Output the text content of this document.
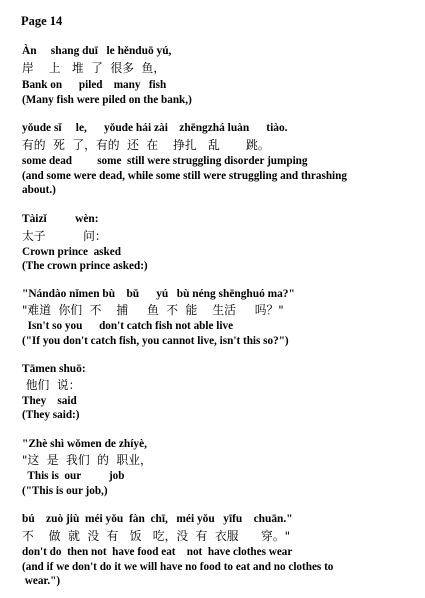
Page 14
Àn     shang duī   le hěnduō yú,
岸    上   堆  了  很多  鱼，
Bank on      piled    many   fish
(Many fish were piled on the bank,)
yǒude sǐ     le,      yǒude hái zài    zhēngzhá luàn      tiào.
有的  死  了，有的  还  在    挣扎   乱       跳。
some dead         some  still were struggling disorder jumping
(and some were dead, while some still were struggling and thrashing
about.)
Tàizǐ          wèn:
太子          问：
Crown prince  asked
(The crown prince asked:)
"Nándào nǐmen bù    bǔ      yú   bù néng shēnghuó ma?"
"难道  你们  不    捕     鱼  不  能    生活     吗？"
Isn't so you      don't catch fish not able live
("If you don't catch fish, you cannot live, isn't this so?")
Tāmen shuō:
他们  说：
They    said
(They said:)
"Zhè shì wǒmen de zhíyè,
"这  是  我们  的  职业，
This is  our          job
("This is our job,)
bú    zuò jiù  méi yǒu  fàn  chī,   méi yǒu   yīfu    chuān."
不    做  就  没  有   饭   吃，没  有  衣服      穿。"
don't do  then not  have food eat    not  have clothes wear
(and if we don't do it we will have no food to eat and no clothes to
wear.")
